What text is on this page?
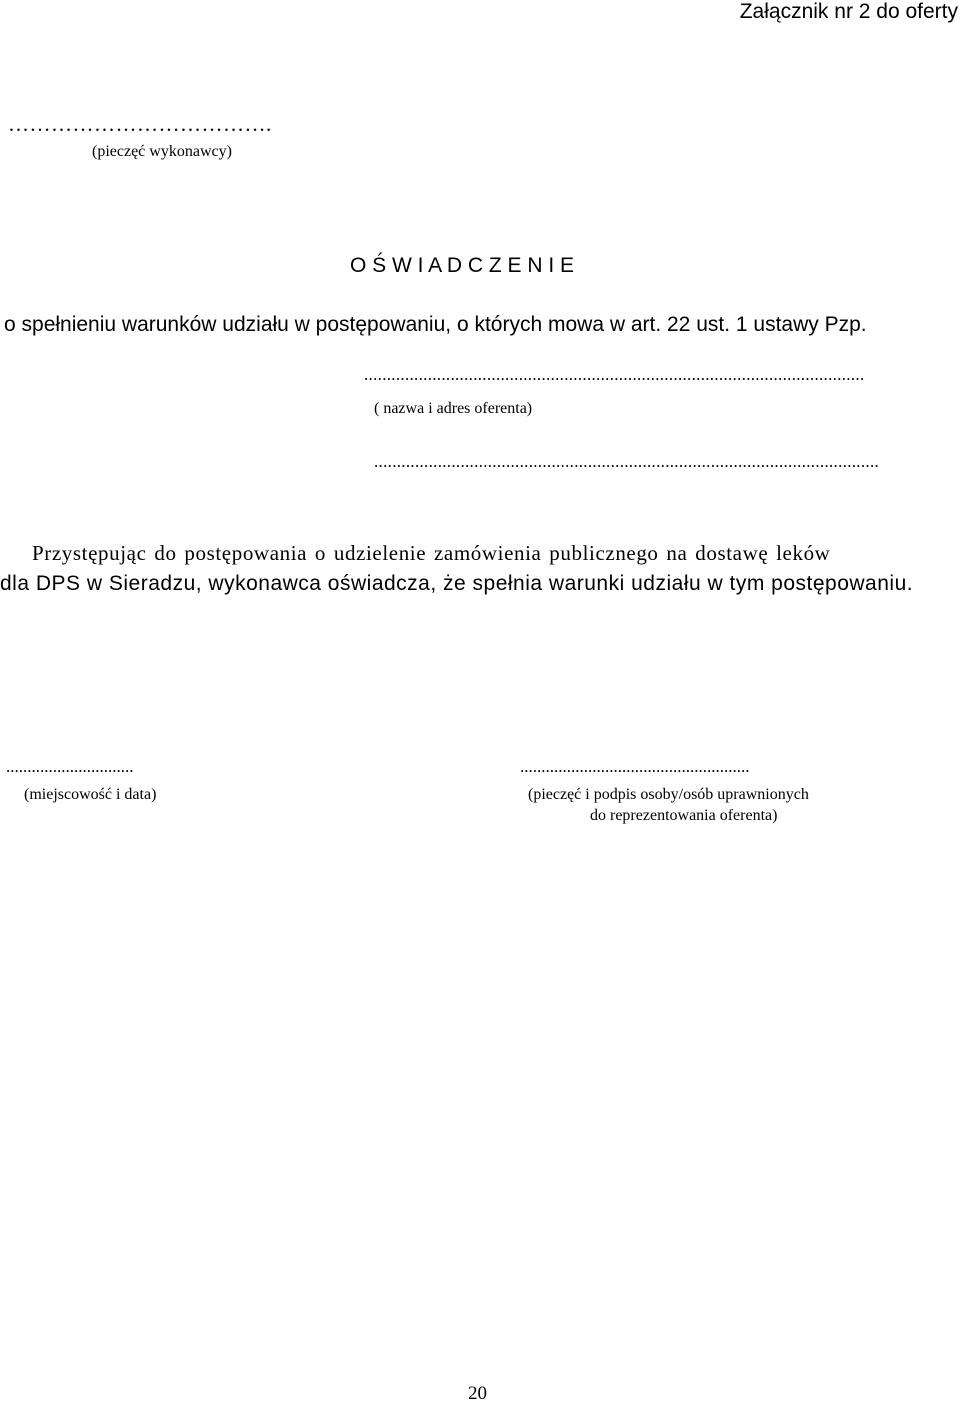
Załącznik nr 2 do oferty
……………………………….
(pieczęć wykonawcy)
O Ś W I A D C Z E N I E
o spełnieniu warunków udziału w postępowaniu, o których mowa w art. 22 ust. 1 ustawy Pzp.
..............................................................................................................
( nazwa i adres oferenta)
...............................................................................................................
Przystępując do postępowania o udzielenie zamówienia publicznego na dostawę leków
dla DPS w Sieradzu, wykonawca oświadcza, że spełnia warunki udziału w tym postępowaniu.
..............................
(miejscowość i data)
......................................................
(pieczęć i podpis osoby/osób uprawnionych
do reprezentowania oferenta)
20
